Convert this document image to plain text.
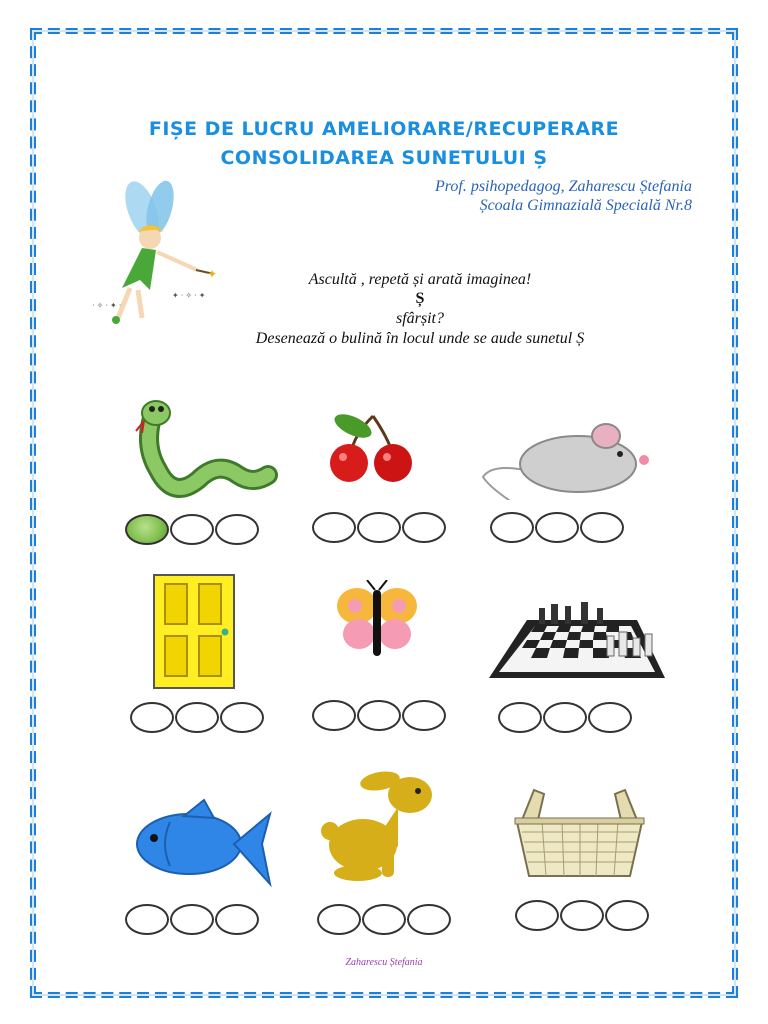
FIȘE DE LUCRU AMELIORARE/RECUPERARE
CONSOLIDAREA SUNETULUI Ș
Prof. psihopedagog, Zaharescu Ștefania
Școala Gimnazială Specială Nr.8
✦
✦ · ✧ · ✦
· ✧ · ✦ ·
Ascultă , repetă și arată imaginea!
Ș
sfârșit?
Desenează o bulină în locul unde se aude sunetul Ș
Zaharescu Ștefania
